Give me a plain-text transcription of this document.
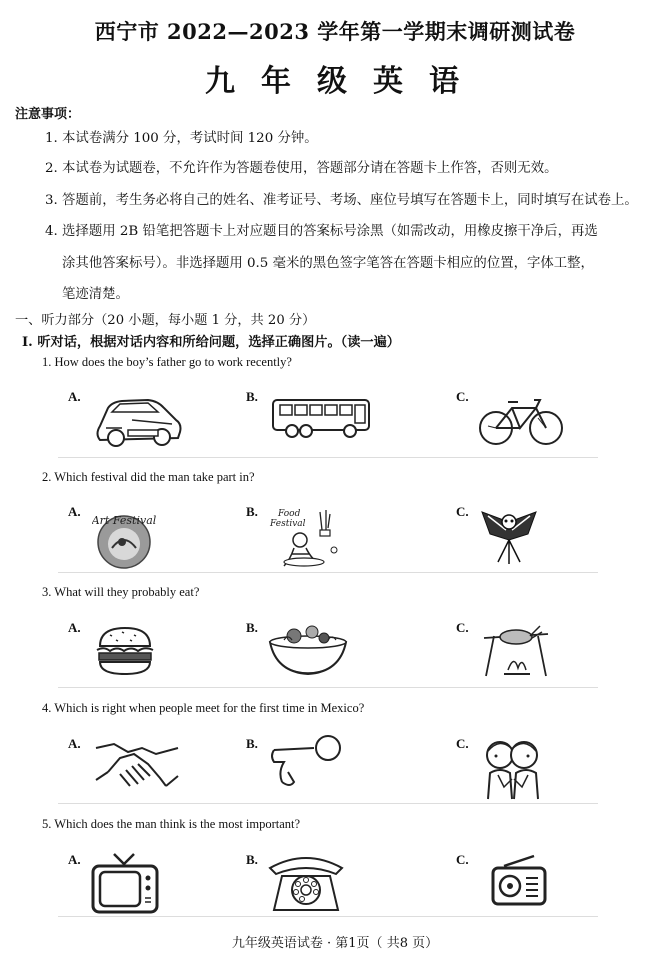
西宁市 2022—2023 学年第一学期末调研测试卷
九年级英语
注意事项：
1. 本试卷满分 100 分，考试时间 120 分钟。
2. 本试卷为试题卷，不允许作为答题卷使用，答题部分请在答题卡上作答，否则无效。
3. 答题前，考生务必将自己的姓名、准考证号、考场、座位号填写在答题卡上，同时填写在试卷上。
4. 选择题用 2B 铅笔把答题卡上对应题目的答案标号涂黑（如需改动，用橡皮擦干净后，再选
涂其他答案标号）。非选择题用 0.5 毫米的黑色签字笔答在答题卡相应的位置，字体工整，
笔迹清楚。
一、听力部分（20 小题，每小题 1 分，共 20 分）
Ⅰ. 听对话，根据对话内容和所给问题，选择正确图片。（读一遍）
1. How does the boy’s father go to work recently?
A.	B.	C.
2. Which festival did the man take part in?
A.
Art Festival
B. Food
Festival
C.
3. What will they probably eat?
A.	B.	C.
4. Which is right when people meet for the first time in Mexico?
A.	B.	C.
5. Which does the man think is the most important?
A.	B.	C.
九年级英语试卷 · 第1页（ 共8 页）
